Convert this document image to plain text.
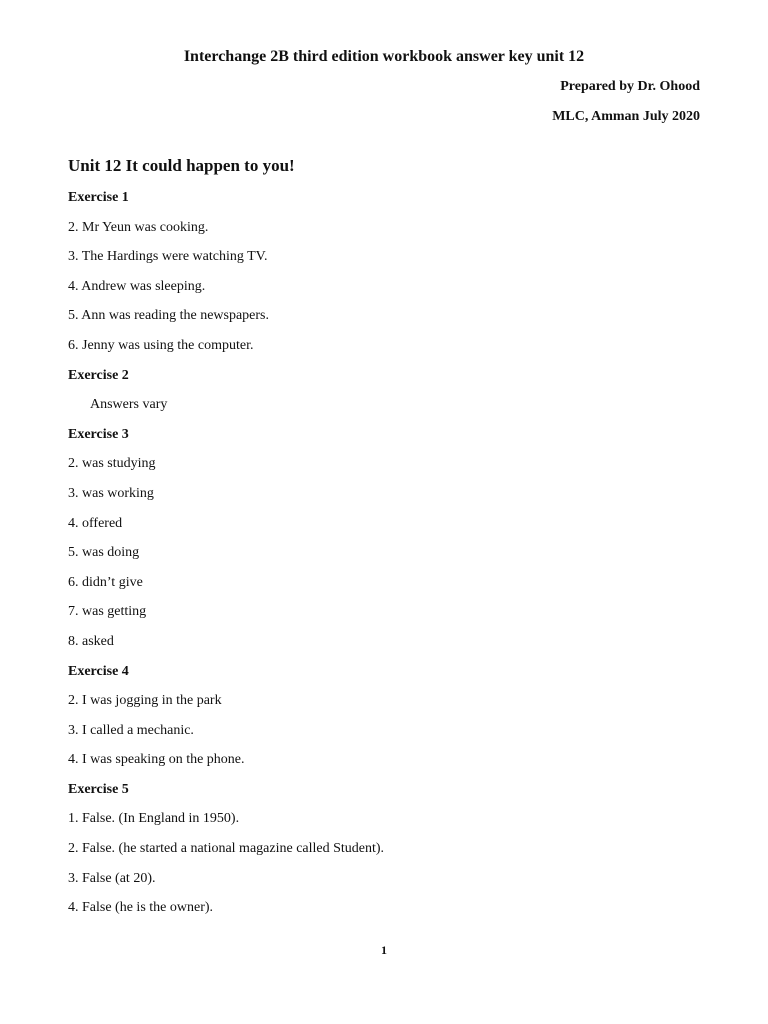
Interchange 2B third edition workbook answer key unit 12
Prepared by Dr. Ohood
MLC, Amman July 2020
Unit 12 It could happen to you!
Exercise 1
2. Mr Yeun was cooking.
3. The Hardings were watching TV.
4. Andrew was sleeping.
5. Ann was reading the newspapers.
6. Jenny was using the computer.
Exercise 2
Answers vary
Exercise 3
2. was studying
3. was working
4. offered
5. was doing
6. didn’t give
7. was getting
8. asked
Exercise 4
2. I was jogging in the park
3. I called a mechanic.
4. I was speaking on the phone.
Exercise 5
1. False. (In England in 1950).
2. False. (he started a national magazine called Student).
3. False (at 20).
4. False (he is the owner).
1
